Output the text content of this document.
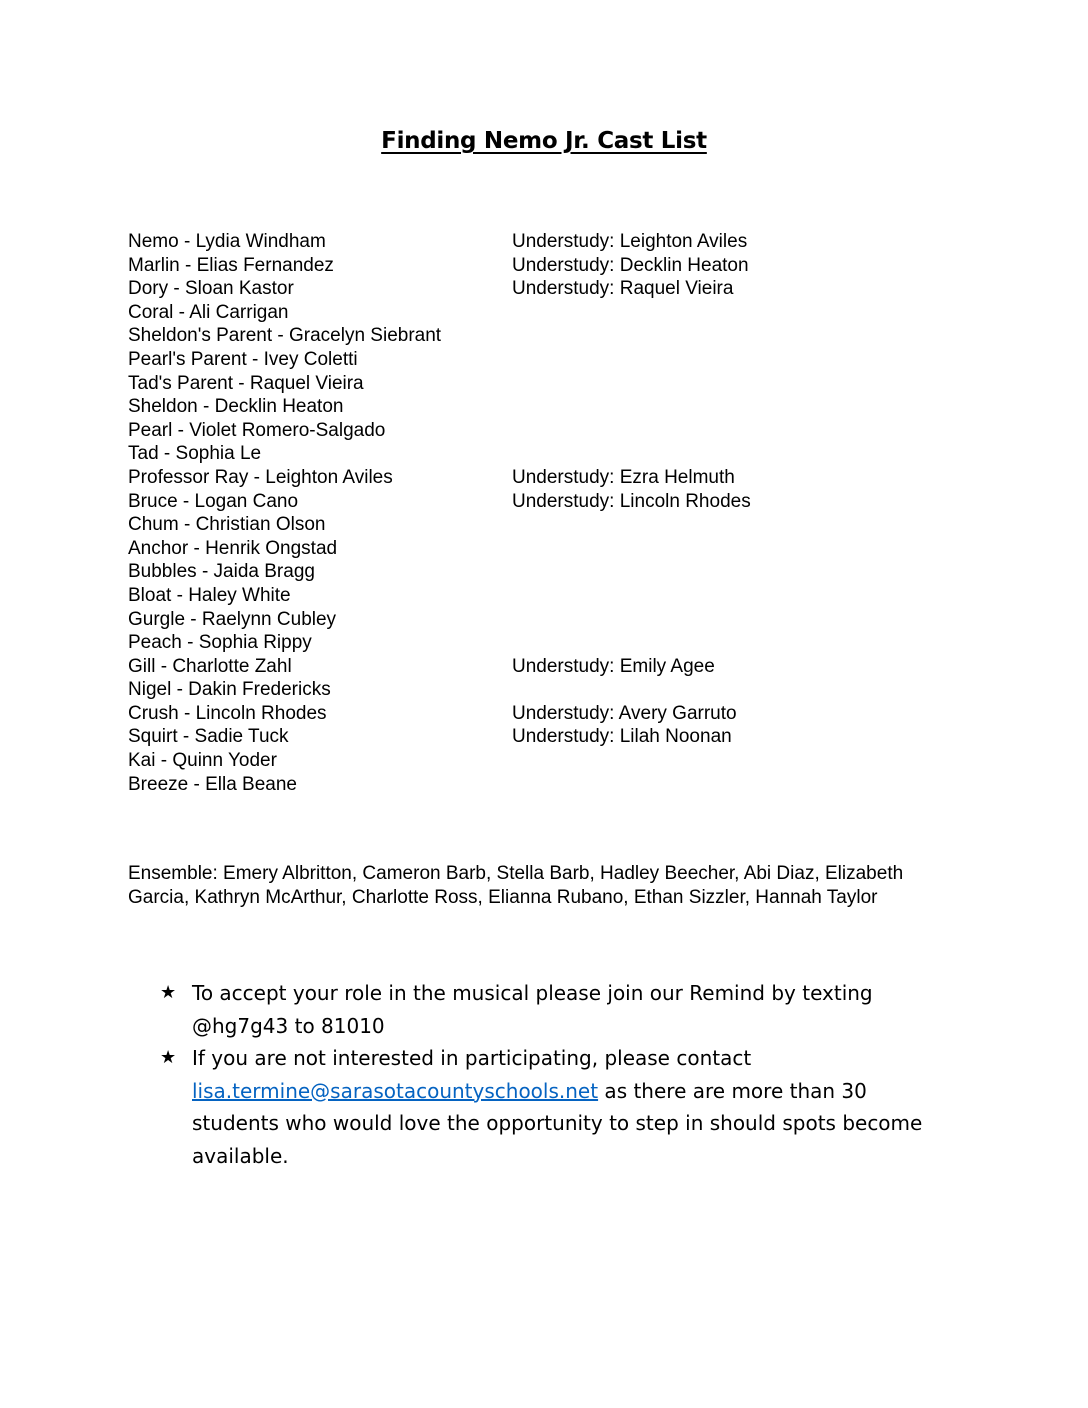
Finding Nemo Jr. Cast List
Nemo - Lydia Windham	Understudy: Leighton Aviles
Marlin - Elias Fernandez	Understudy: Decklin Heaton
Dory - Sloan Kastor	Understudy: Raquel Vieira
Coral - Ali Carrigan
Sheldon's Parent - Gracelyn Siebrant
Pearl's Parent - Ivey Coletti
Tad's Parent - Raquel Vieira
Sheldon - Decklin Heaton
Pearl - Violet Romero-Salgado
Tad - Sophia Le
Professor Ray - Leighton Aviles	Understudy: Ezra Helmuth
Bruce - Logan Cano	Understudy: Lincoln Rhodes
Chum - Christian Olson
Anchor - Henrik Ongstad
Bubbles - Jaida Bragg
Bloat - Haley White
Gurgle - Raelynn Cubley
Peach - Sophia Rippy
Gill - Charlotte Zahl	Understudy: Emily Agee
Nigel - Dakin Fredericks
Crush - Lincoln Rhodes	Understudy: Avery Garruto
Squirt - Sadie Tuck	Understudy: Lilah Noonan
Kai - Quinn Yoder
Breeze - Ella Beane

Ensemble: Emery Albritton, Cameron Barb, Stella Barb, Hadley Beecher, Abi Diaz, Elizabeth Garcia, Kathryn McArthur, Charlotte Ross, Elianna Rubano, Ethan Sizzler, Hannah Taylor

★ To accept your role in the musical please join our Remind by texting @hg7g43 to 81010
★ If you are not interested in participating, please contact lisa.termine@sarasotacountyschools.net as there are more than 30 students who would love the opportunity to step in should spots become available.
